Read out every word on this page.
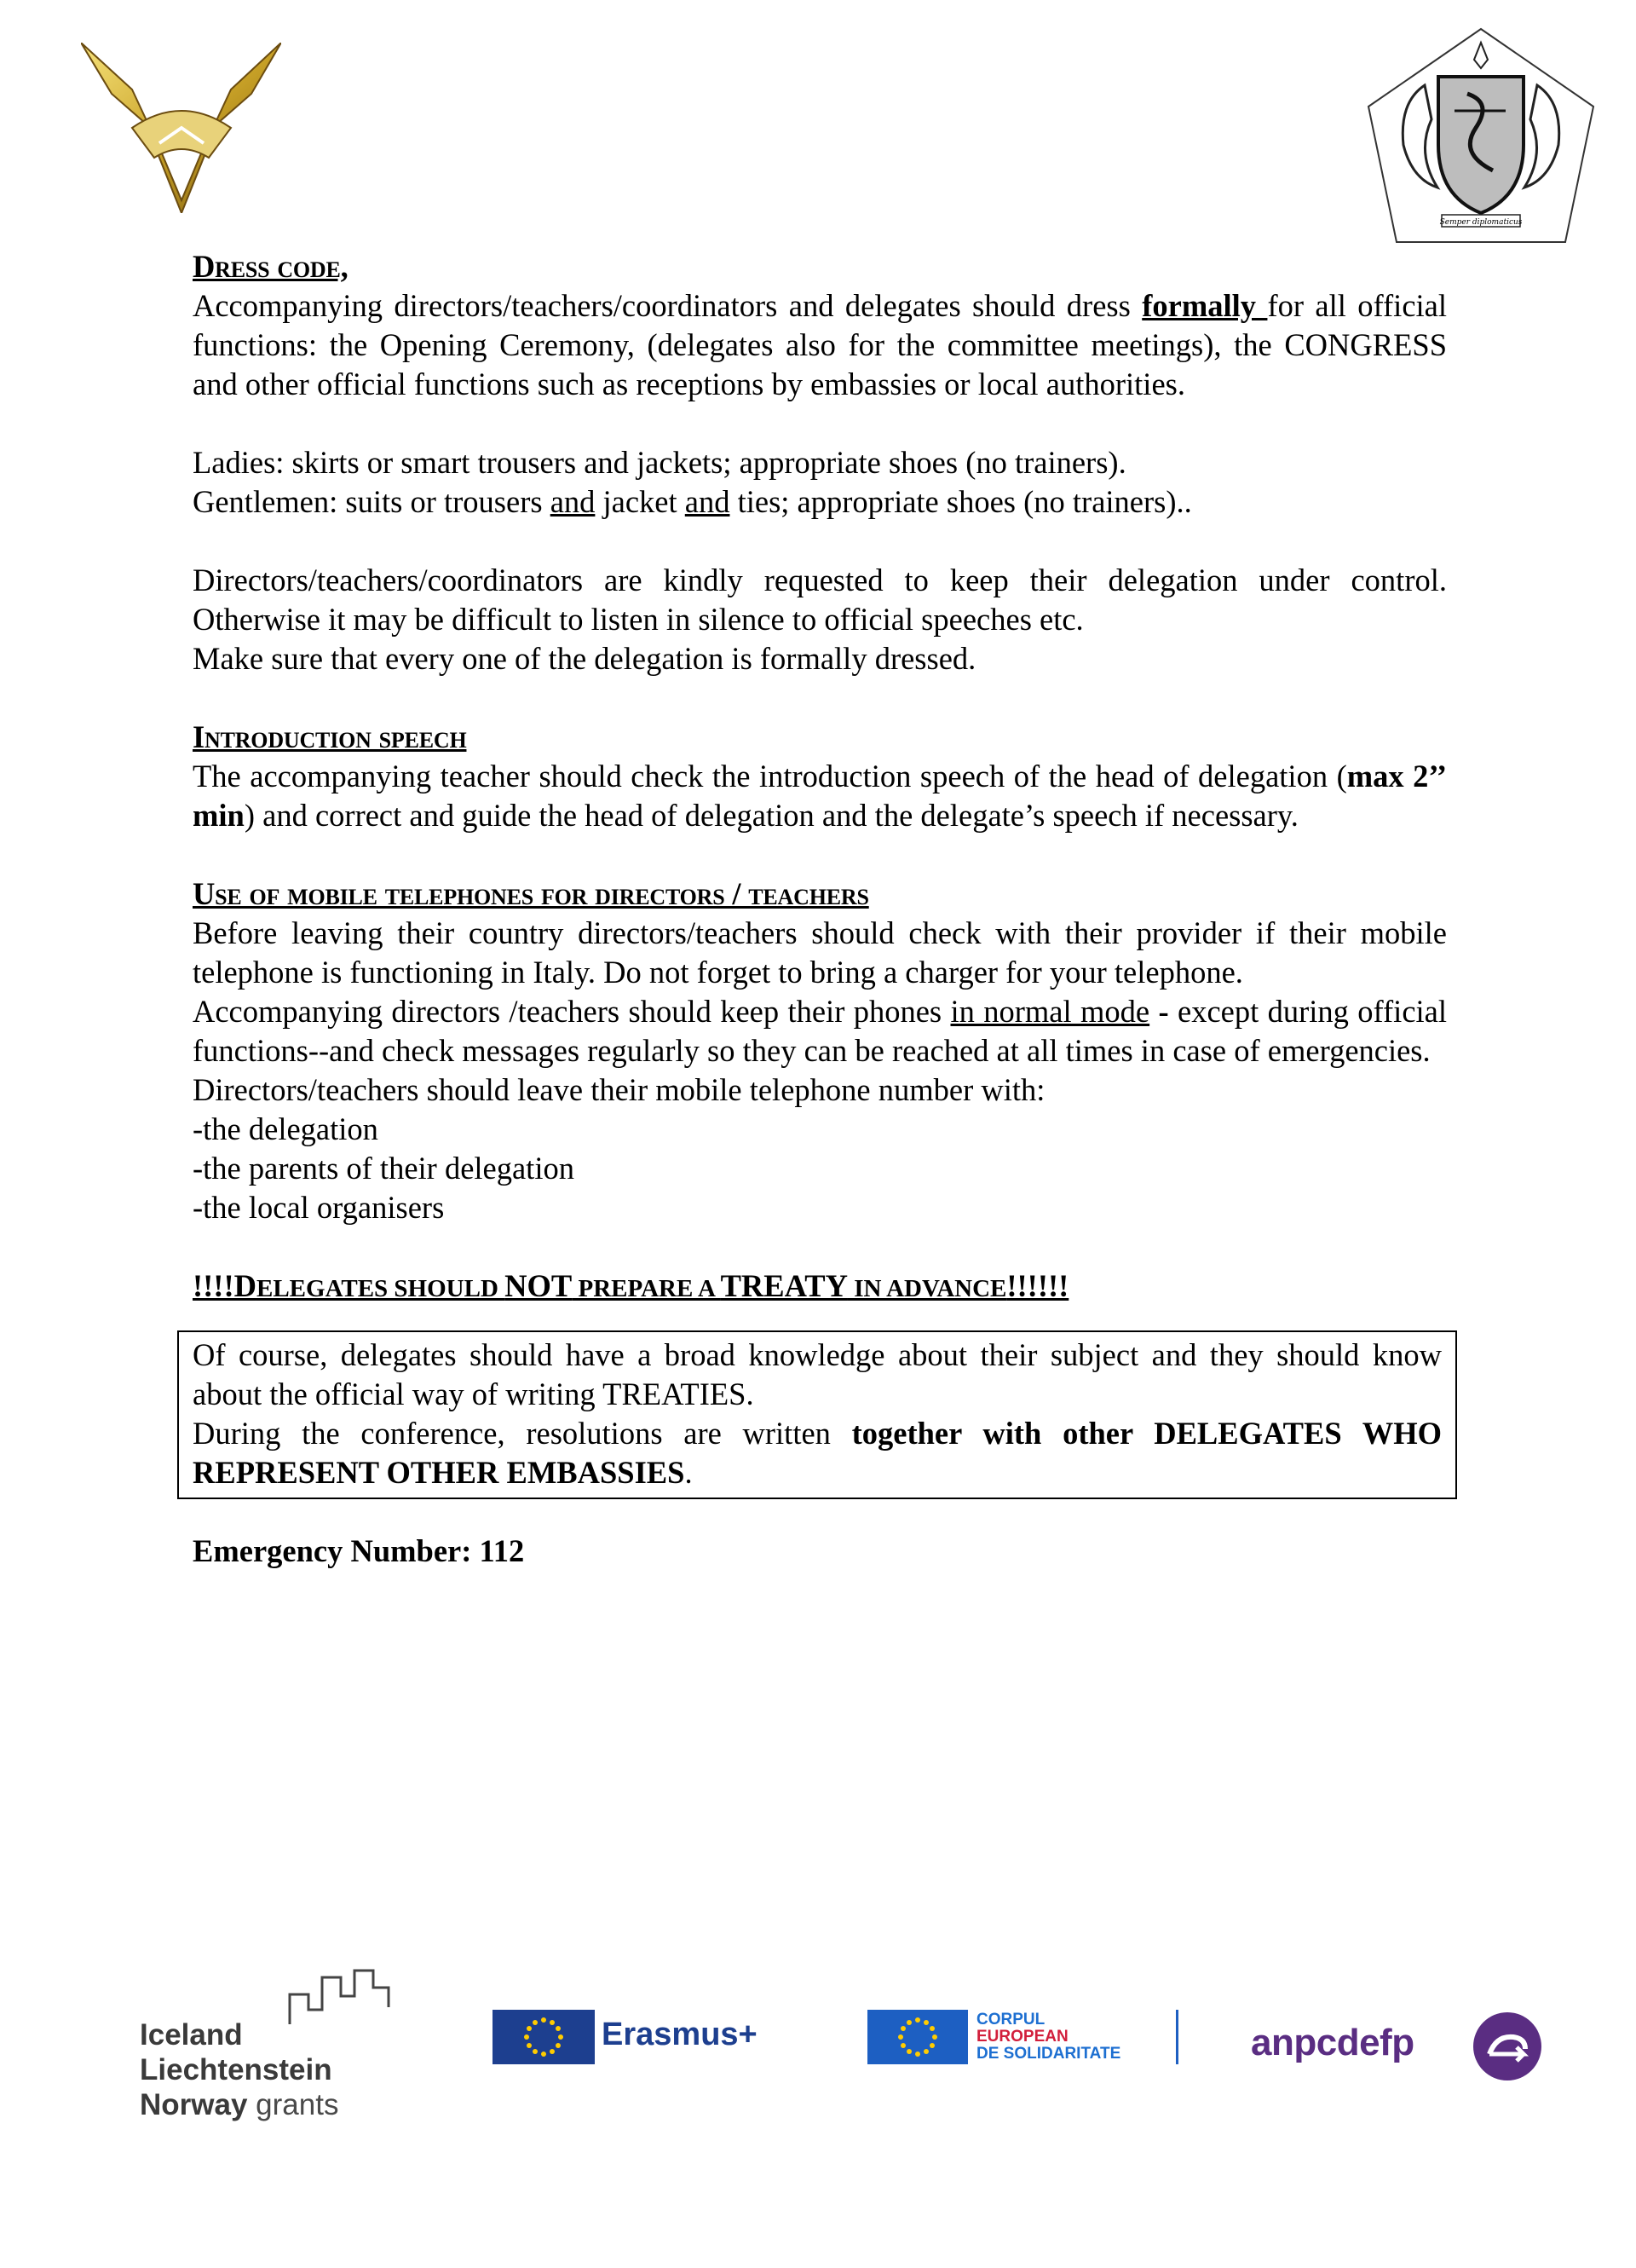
Semper diplomaticus
Dress code,

Accompanying directors/teachers/coordinators and delegates should dress formally for all official functions: the Opening Ceremony, (delegates also for the committee meetings), the CONGRESS and other official functions such as receptions by embassies or local authorities.

Ladies: skirts or smart trousers and jackets; appropriate shoes (no trainers).

Gentlemen: suits or trousers and jacket and ties; appropriate shoes (no trainers)..

Directors/teachers/coordinators are kindly requested to keep their delegation under control. Otherwise it may be difficult to listen in silence to official speeches etc.

Make sure that every one of the delegation is formally dressed.

Introduction speech

The accompanying teacher should check the introduction speech of the head of delegation (max 2’’ min) and correct and guide the head of delegation and the delegate’s speech if necessary.

Use of mobile telephones for directors / teachers

Before leaving their country directors/teachers should check with their provider if their mobile telephone is functioning in Italy. Do not forget to bring a charger for your telephone.

Accompanying directors /teachers should keep their phones in normal mode - except during official functions--and check messages regularly so they can be reached at all times in case of emergencies.

Directors/teachers should leave their mobile telephone number with:

-the delegation

-the parents of their delegation

-the local organisers

!!!!DELEGATES SHOULD NOT PREPARE A TREATY IN ADVANCE!!!!!!

Of course, delegates should have a broad knowledge about their subject and they should know about the official way of writing TREATIES.

During the conference, resolutions are written together with other DELEGATES WHO REPRESENT OTHER EMBASSIES.

Emergency Number: 112

Iceland
Liechtenstein
Norway grants
Erasmus+	CORPUL
EUROPEAN
DE SOLIDARITATE	anpcdefp
